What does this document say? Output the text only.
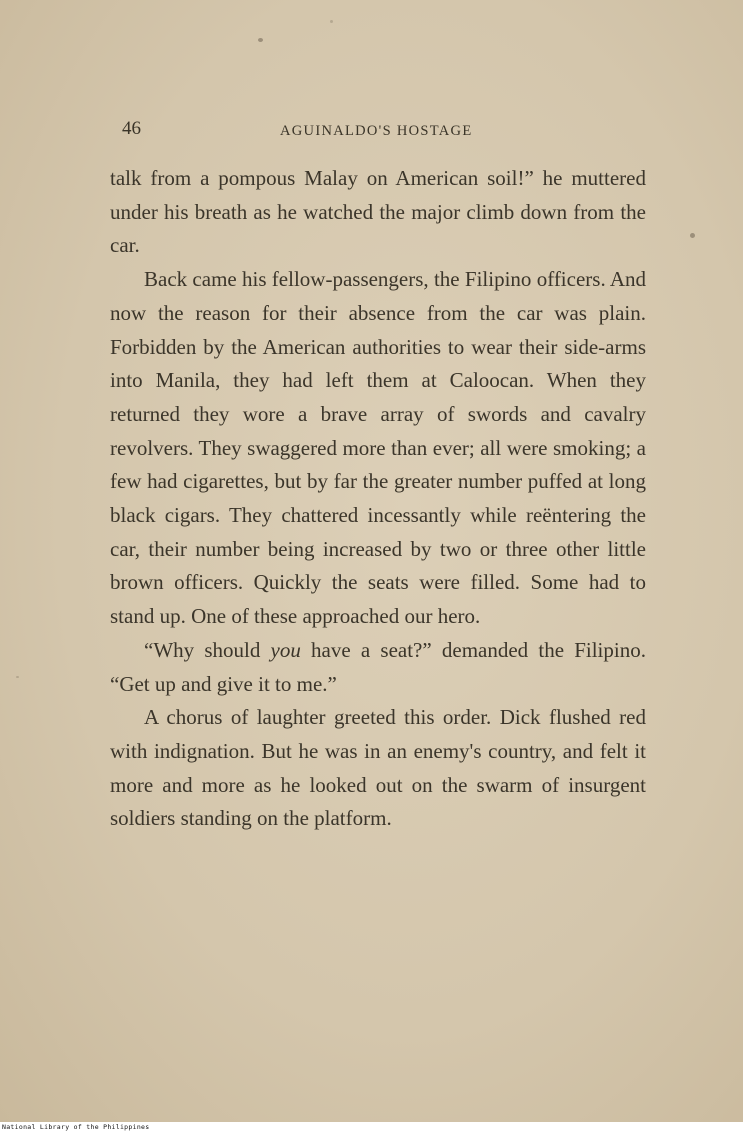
46	AGUINALDO'S HOSTAGE

talk from a pompous Malay on American soil!” he muttered under his breath as he watched the major climb down from the car.

Back came his fellow-passengers, the Filipino officers. And now the reason for their absence from the car was plain. Forbidden by the American authorities to wear their side-arms into Manila, they had left them at Caloocan. When they returned they wore a brave array of swords and cavalry revolvers. They swaggered more than ever; all were smoking; a few had cigarettes, but by far the greater number puffed at long black cigars. They chattered incessantly while reëntering the car, their number being increased by two or three other little brown officers. Quickly the seats were filled. Some had to stand up. One of these approached our hero.

“Why should you have a seat?” demanded the Filipino. “Get up and give it to me.”

A chorus of laughter greeted this order. Dick flushed red with indignation. But he was in an enemy's country, and felt it more and more as he looked out on the swarm of insurgent soldiers standing on the platform.

National Library of the Philippines
